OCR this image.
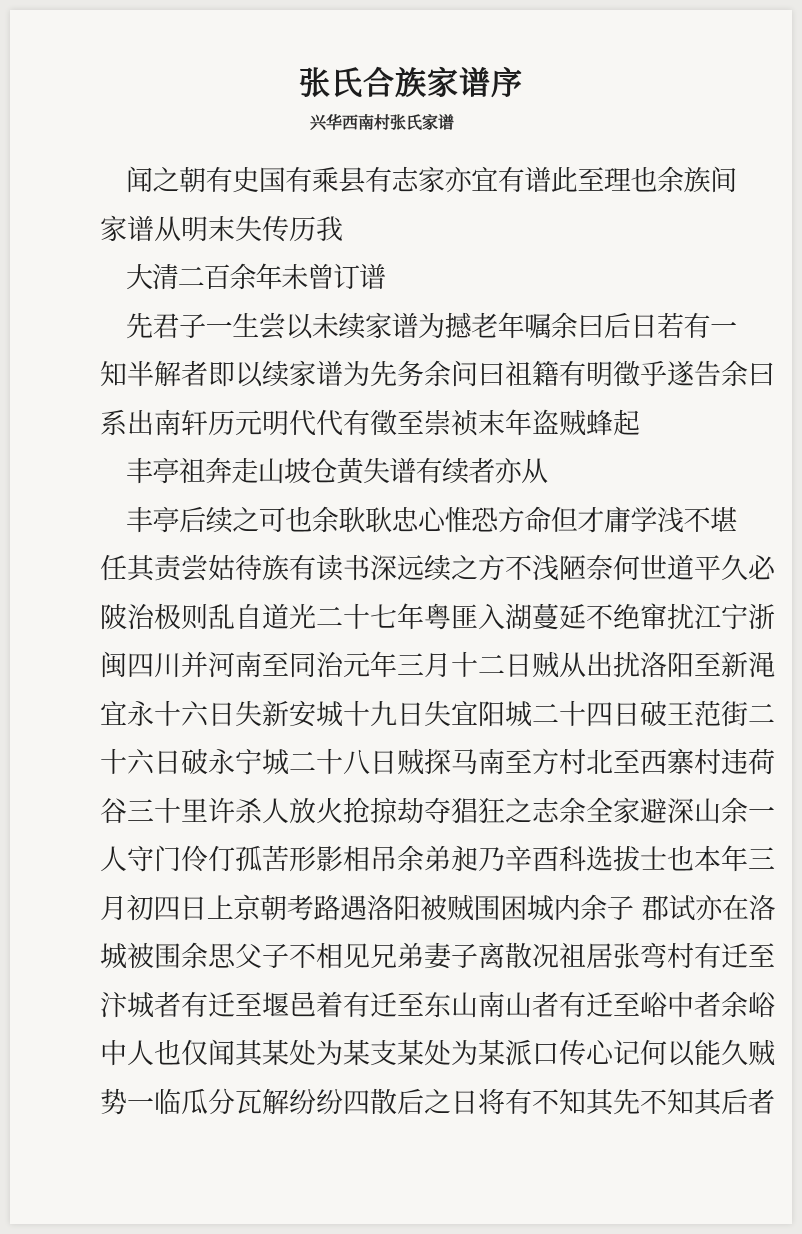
张氏合族家谱序
兴华西南村张氏家谱
闻之朝有史国有乘县有志家亦宜有谱此至理也余族间
家谱从明末失传历我
大清二百余年未曾订谱
先君子一生尝以未续家谱为撼老年嘱余曰后日若有一
知半解者即以续家谱为先务余问曰祖籍有明徵乎遂告余曰
系出南轩历元明代代有徵至崇祯末年盗贼蜂起
丰亭祖奔走山坡仓黄失谱有续者亦从
丰亭后续之可也余耿耿忠心惟恐方命但才庸学浅不堪
任其责尝姑待族有读书深远续之方不浅陋奈何世道平久必
陂治极则乱自道光二十七年粤匪入湖蔓延不绝窜扰江宁浙
闽四川并河南至同治元年三月十二日贼从出扰洛阳至新渑
宜永十六日失新安城十九日失宜阳城二十四日破王范街二
十六日破永宁城二十八日贼探马南至方村北至西寨村违荷
谷三十里许杀人放火抢掠劫夺猖狂之志余全家避深山余一
人守门伶仃孤苦形影相吊余弟昶乃辛酉科选拔士也本年三
月初四日上京朝考路遇洛阳被贼围困城内余子 郡试亦在洛
城被围余思父子不相见兄弟妻子离散况祖居张弯村有迁至
汴城者有迁至堰邑着有迁至东山南山者有迁至峪中者余峪
中人也仅闻其某处为某支某处为某派口传心记何以能久贼
势一临瓜分瓦解纷纷四散后之日将有不知其先不知其后者
